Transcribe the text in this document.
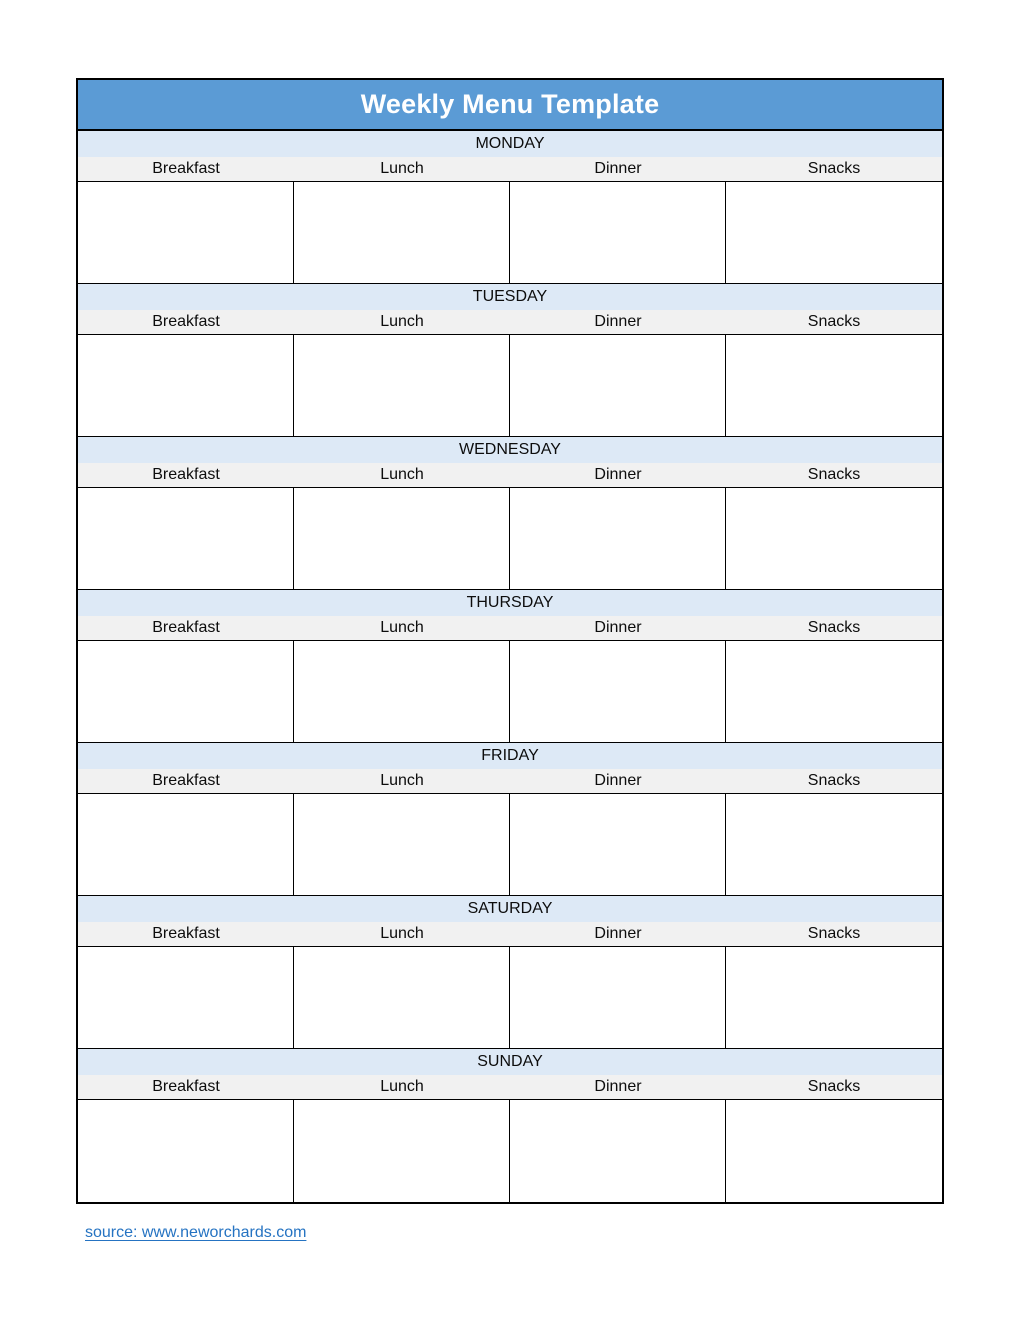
Weekly Menu Template
MONDAY
Breakfast	Lunch	Dinner	Snacks
TUESDAY
Breakfast	Lunch	Dinner	Snacks
WEDNESDAY
Breakfast	Lunch	Dinner	Snacks
THURSDAY
Breakfast	Lunch	Dinner	Snacks
FRIDAY
Breakfast	Lunch	Dinner	Snacks
SATURDAY
Breakfast	Lunch	Dinner	Snacks
SUNDAY
Breakfast	Lunch	Dinner	Snacks
source: www.neworchards.com
